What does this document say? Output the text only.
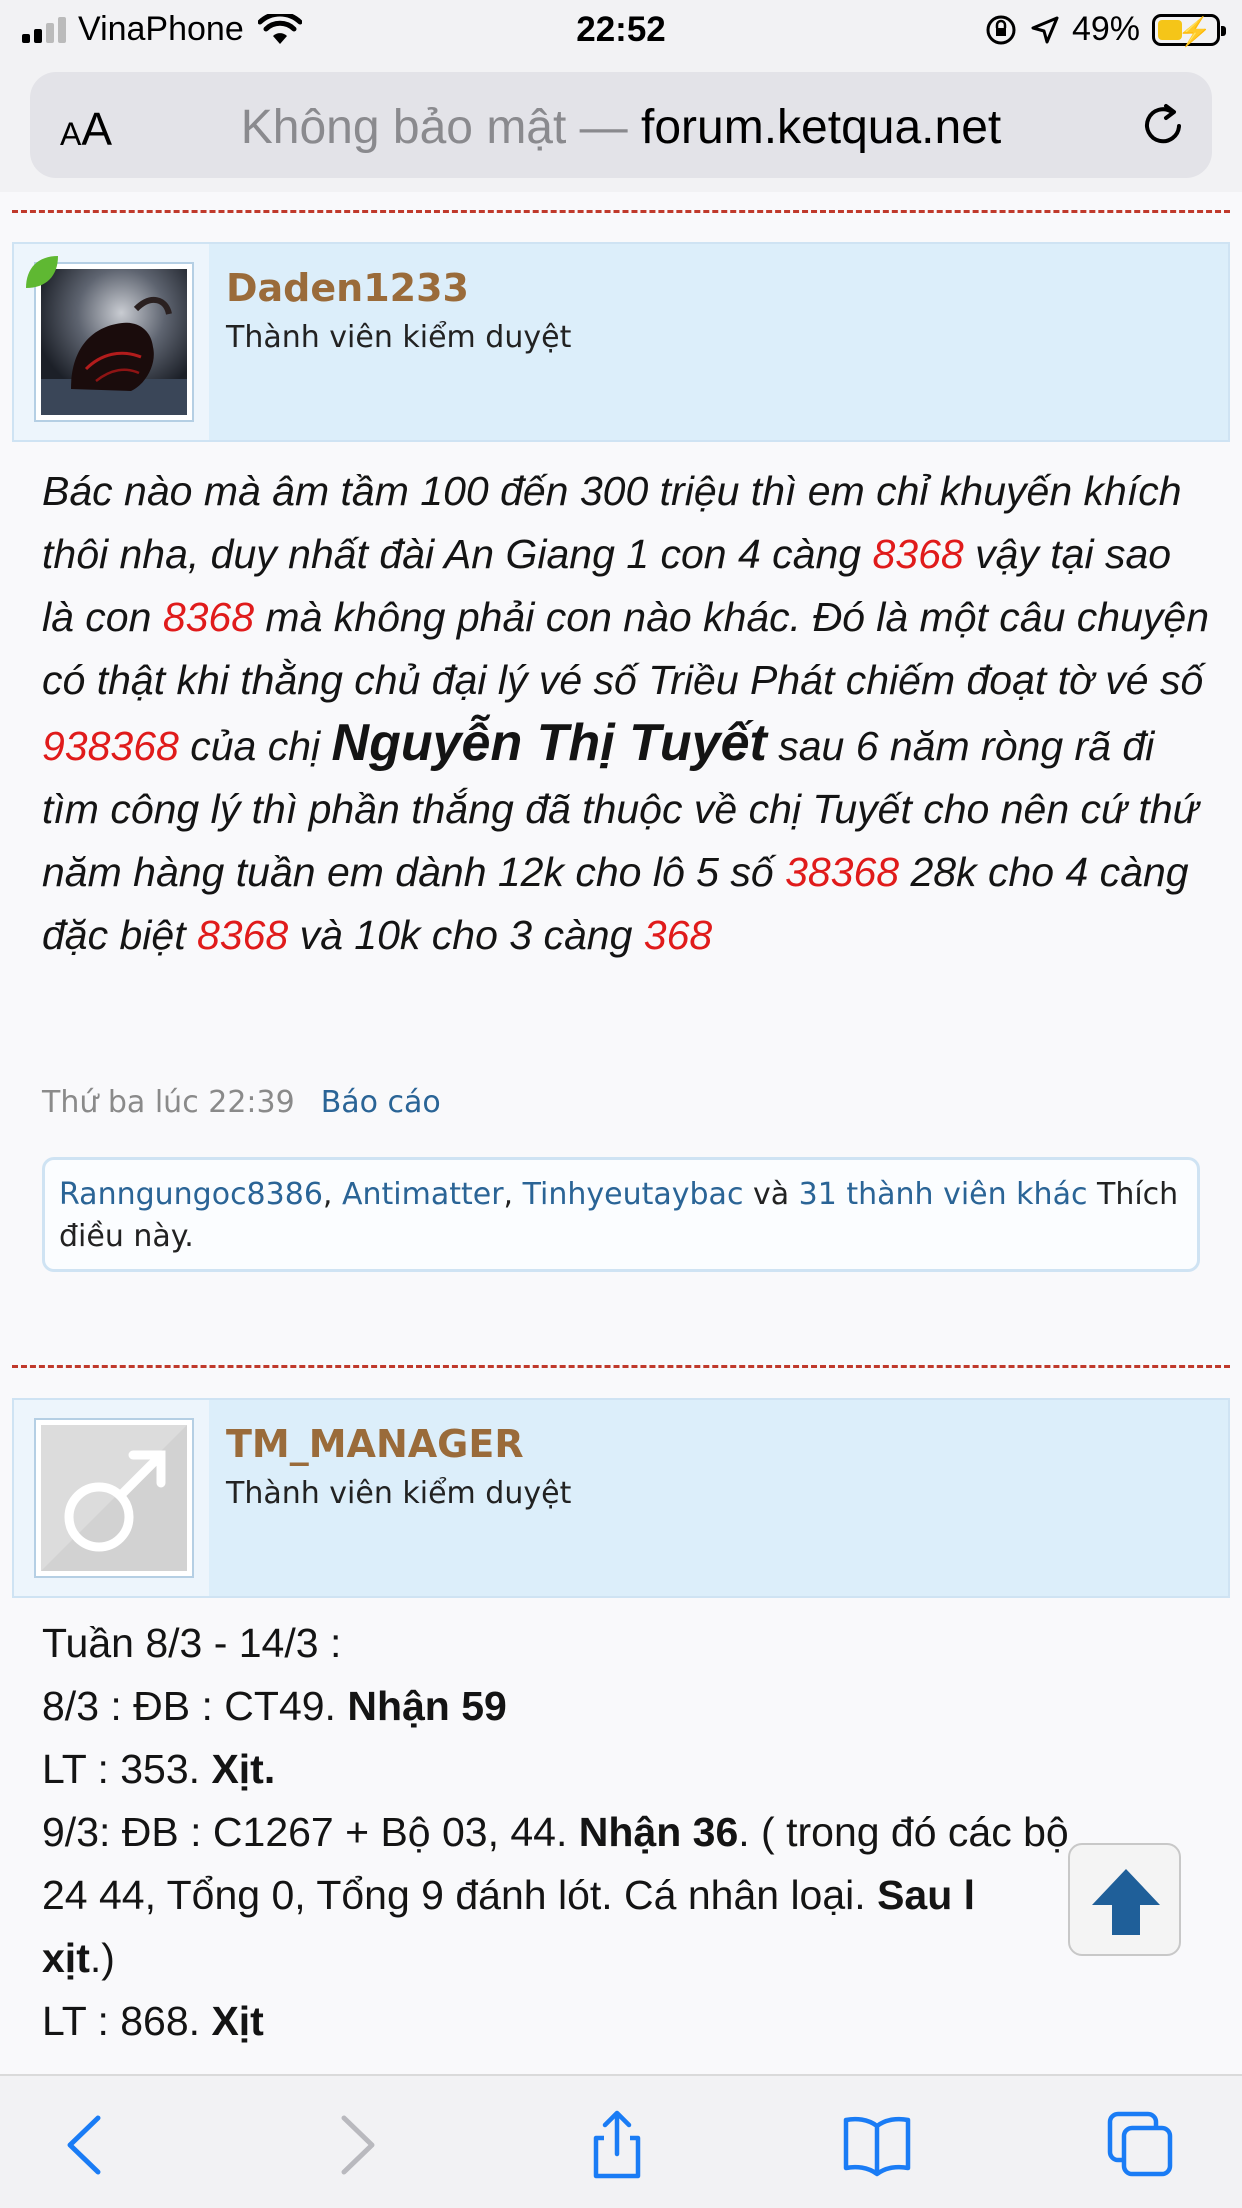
VinaPhone	22:52	49% ⚡
AA	Không bảo mật — forum.ketqua.net
Daden1233
Thành viên kiểm duyệt
Bác nào mà âm tầm 100 đến 300 triệu thì em chỉ khuyến khích thôi nha, duy nhất đài An Giang 1 con 4 càng 8368 vậy tại sao là con 8368 mà không phải con nào khác. Đó là một câu chuyện có thật khi thằng chủ đại lý vé số Triều Phát chiếm đoạt tờ vé số 938368 của chị Nguyễn Thị Tuyết sau 6 năm ròng rã đi tìm công lý thì phần thắng đã thuộc về chị Tuyết cho nên cứ thứ năm hàng tuần em dành 12k cho lô 5 số 38368 28k cho 4 càng đặc biệt 8368 và 10k cho 3 càng 368
Thứ ba lúc 22:39 Báo cáo
Ranngungoc8386, Antimatter, Tinhyeutaybac và 31 thành viên khác Thích điều này.
TM_MANAGER
Thành viên kiểm duyệt
Tuần 8/3 - 14/3 :
8/3 : ĐB : CT49. Nhận 59
LT : 353. Xịt.
9/3: ĐB : C1267 + Bộ 03, 44. Nhận 36. ( trong đó các bộ
24 44, Tổng 0, Tổng 9 đánh lót. Cá nhân loại. Sau l
xịt.)
LT : 868. Xịt
